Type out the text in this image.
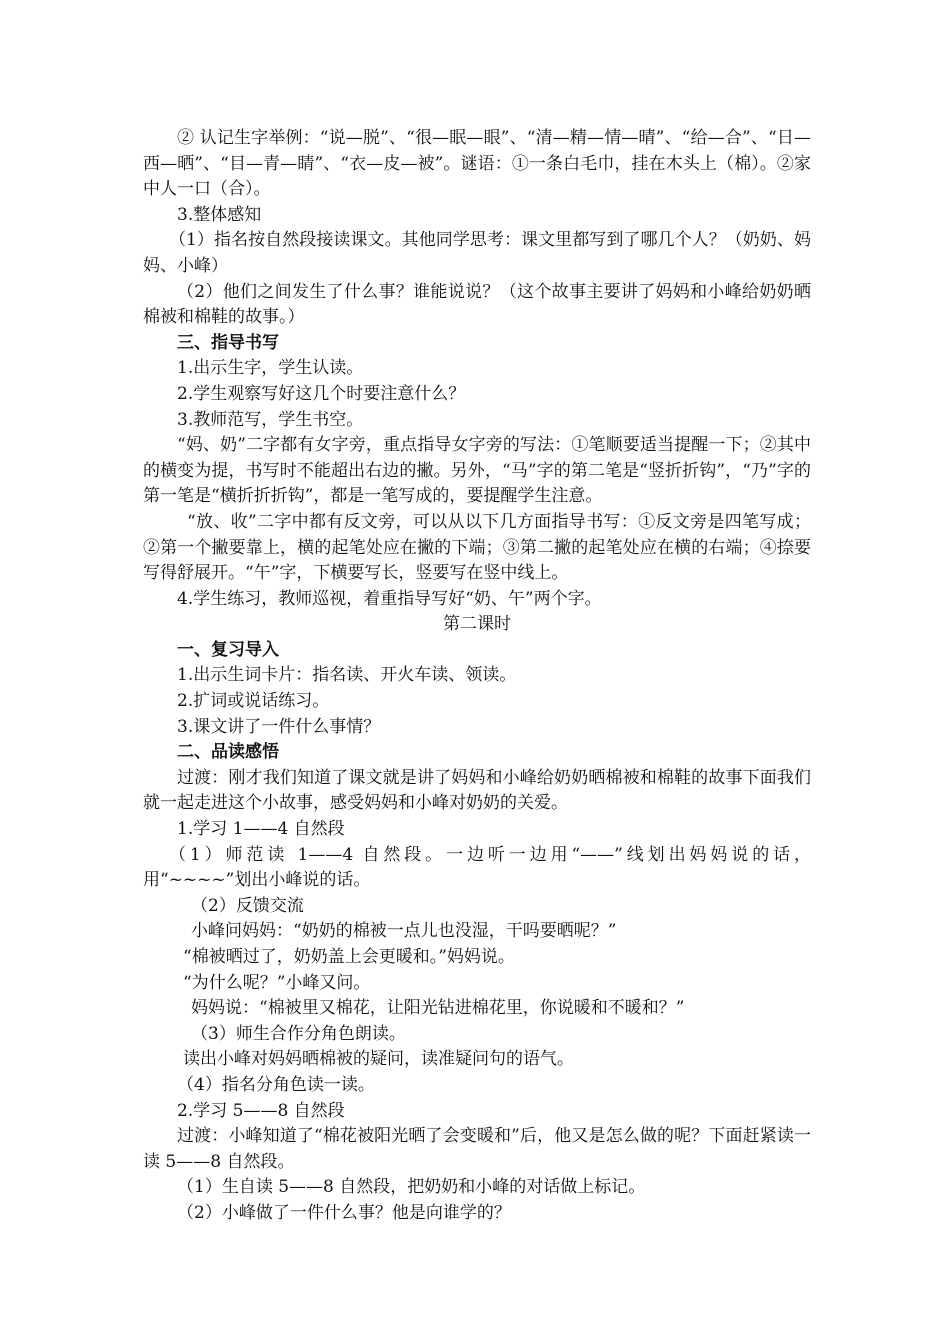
② 认记生字举例：“说—脱”、“很—眠—眼”、“清—精—情—晴”、“给—合”、“日—西—晒”、“目—青—睛”、“衣—皮—被”。谜语：①一条白毛巾，挂在木头上（棉）。②家中人一口（合）。

3.整体感知

（1）指名按自然段接读课文。其他同学思考：课文里都写到了哪几个人？（奶奶、妈妈、小峰）

（2）他们之间发生了什么事？谁能说说？（这个故事主要讲了妈妈和小峰给奶奶晒棉被和棉鞋的故事。）

三、指导书写

1.出示生字，学生认读。

2.学生观察写好这几个时要注意什么？

3.教师范写，学生书空。

“妈、奶”二字都有女字旁，重点指导女字旁的写法：①笔顺要适当提醒一下；②其中的横变为提，书写时不能超出右边的撇。另外，“马”字的第二笔是“竖折折钩”，“乃”字的第一笔是“横折折折钩”，都是一笔写成的，要提醒学生注意。

“放、收”二字中都有反文旁，可以从以下几方面指导书写：①反文旁是四笔写成；②第一个撇要靠上，横的起笔处应在撇的下端；③第二撇的起笔处应在横的右端；④捺要写得舒展开。“午”字，下横要写长，竖要写在竖中线上。

4.学生练习，教师巡视，着重指导写好“奶、午”两个字。

第二课时

一、复习导入

1.出示生词卡片：指名读、开火车读、领读。

2.扩词或说话练习。

3.课文讲了一件什么事情？

二、品读感悟

过渡：刚才我们知道了课文就是讲了妈妈和小峰给奶奶晒棉被和棉鞋的故事下面我们就一起走进这个小故事，感受妈妈和小峰对奶奶的关爱。

1.学习 1——4 自然段

（1）师范读 1——4 自然段。一边听一边用“——”线划出妈妈说的话，用“~~~~”划出小峰说的话。

（2）反馈交流

小峰问妈妈：“奶奶的棉被一点儿也没湿，干吗要晒呢？”

“棉被晒过了，奶奶盖上会更暖和。”妈妈说。

“为什么呢？”小峰又问。

妈妈说：“棉被里又棉花，让阳光钻进棉花里，你说暖和不暖和？”

（3）师生合作分角色朗读。

读出小峰对妈妈晒棉被的疑问，读准疑问句的语气。

（4）指名分角色读一读。

2.学习 5——8 自然段

过渡：小峰知道了“棉花被阳光晒了会变暖和”后，他又是怎么做的呢？下面赶紧读一读 5——8 自然段。

（1）生自读 5——8 自然段，把奶奶和小峰的对话做上标记。

（2）小峰做了一件什么事？他是向谁学的？
